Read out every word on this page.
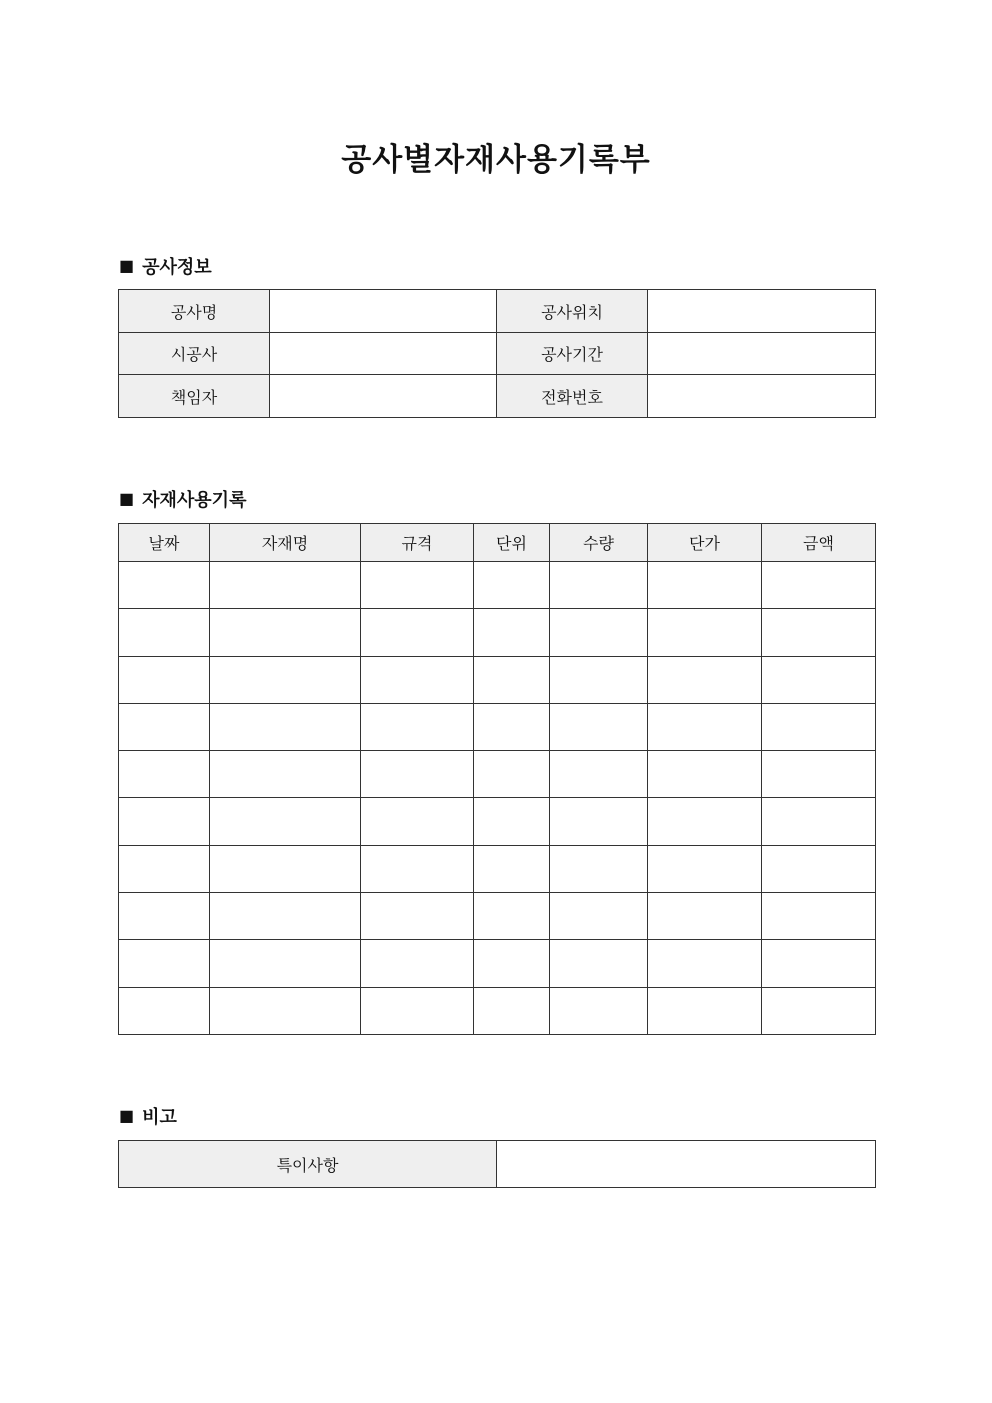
공사별자재사용기록부
■ 공사정보
공사명		공사위치	
시공사		공사기간	
책임자		전화번호	
■ 자재사용기록
날짜	자재명	규격	단위	수량	단가	금액

■ 비고
특이사항	
